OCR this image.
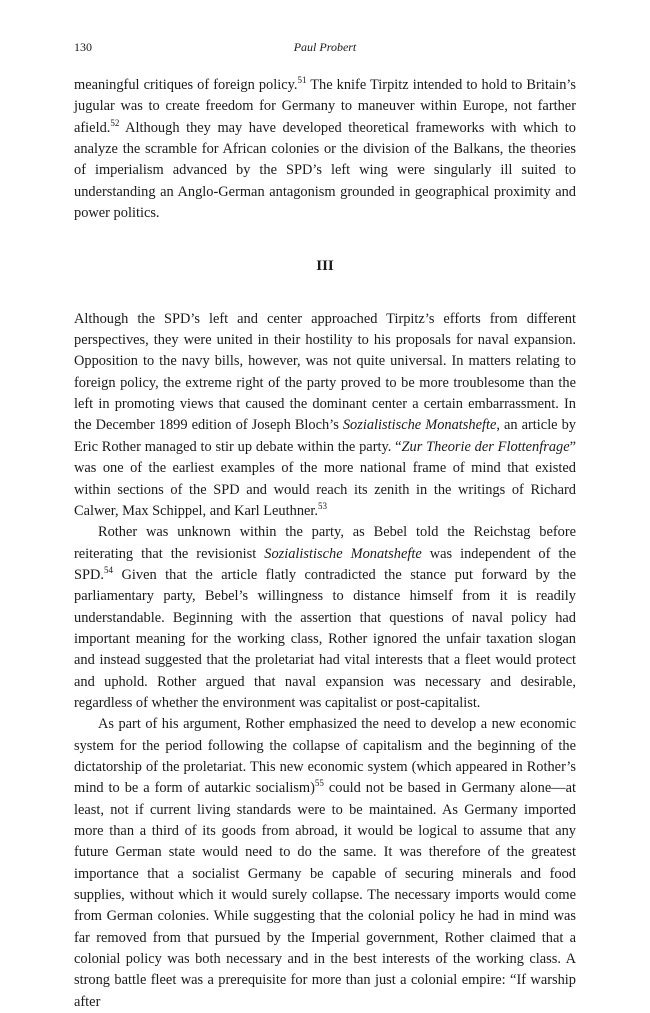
130	Paul Probert

meaningful critiques of foreign policy.$^{51}$ The knife Tirpitz intended to hold to Britain’s jugular was to create freedom for Germany to maneuver within Europe, not farther afield.$^{52}$ Although they may have developed theoretical frameworks with which to analyze the scramble for African colonies or the division of the Balkans, the theories of imperialism advanced by the SPD’s left wing were singularly ill suited to understanding an Anglo-German antagonism grounded in geographical proximity and power politics.

III

Although the SPD’s left and center approached Tirpitz’s efforts from different perspectives, they were united in their hostility to his proposals for naval expansion. Opposition to the navy bills, however, was not quite universal. In matters relating to foreign policy, the extreme right of the party proved to be more troublesome than the left in promoting views that caused the dominant center a certain embarrassment. In the December 1899 edition of Joseph Bloch’s Sozialistische Monatshefte, an article by Eric Rother managed to stir up debate within the party. “Zur Theorie der Flottenfrage” was one of the earliest examples of the more national frame of mind that existed within sections of the SPD and would reach its zenith in the writings of Richard Calwer, Max Schippel, and Karl Leuthner.$^{53}$

Rother was unknown within the party, as Bebel told the Reichstag before reiterating that the revisionist Sozialistische Monatshefte was independent of the SPD.$^{54}$ Given that the article flatly contradicted the stance put forward by the parliamentary party, Bebel’s willingness to distance himself from it is readily understandable. Beginning with the assertion that questions of naval policy had important meaning for the working class, Rother ignored the unfair taxation slogan and instead suggested that the proletariat had vital interests that a fleet would protect and uphold. Rother argued that naval expansion was necessary and desirable, regardless of whether the environment was capitalist or post-capitalist.

As part of his argument, Rother emphasized the need to develop a new economic system for the period following the collapse of capitalism and the beginning of the dictatorship of the proletariat. This new economic system (which appeared in Rother’s mind to be a form of autarkic socialism)$^{55}$ could not be based in Germany alone—at least, not if current living standards were to be maintained. As Germany imported more than a third of its goods from abroad, it would be logical to assume that any future German state would need to do the same. It was therefore of the greatest importance that a socialist Germany be capable of securing minerals and food supplies, without which it would surely collapse. The necessary imports would come from German colonies. While suggesting that the colonial policy he had in mind was far removed from that pursued by the Imperial government, Rother claimed that a colonial policy was both necessary and in the best interests of the working class. A strong battle fleet was a prerequisite for more than just a colonial empire: “If warship after
